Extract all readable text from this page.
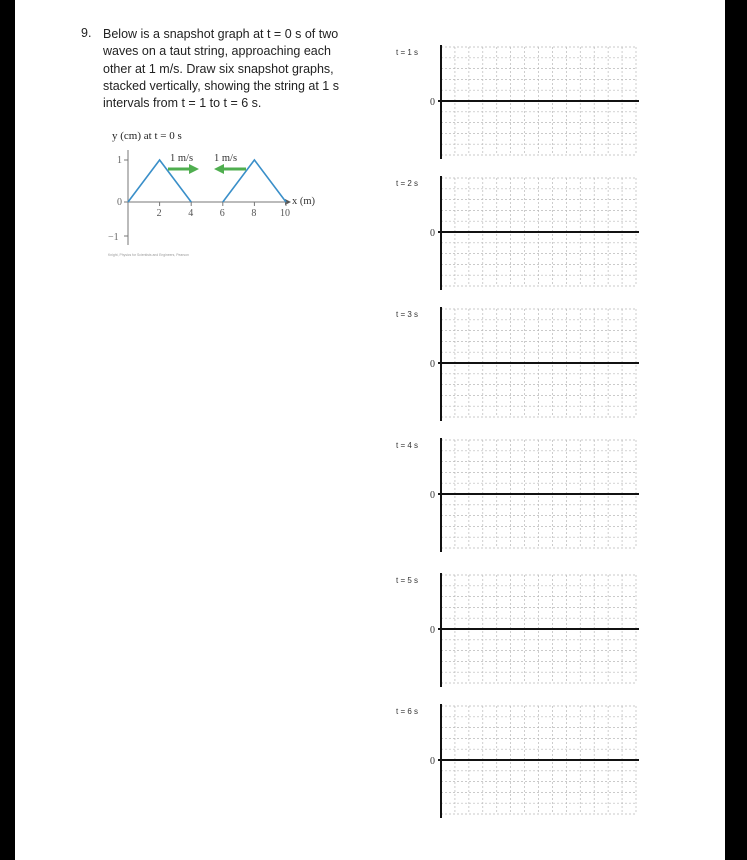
9. Below is a snapshot graph at t = 0 s of two
waves on a taut string, approaching each
other at 1 m/s. Draw six snapshot graphs,
stacked vertically, showing the string at 1 s
intervals from t = 1 to t = 6 s.
y (cm) at t = 0 s
1
0
−1
2	4	6	8 10
x (m)
1 m/s 1 m/s
Knight, Physics for Scientists and Engineers, Pearson
0
t = 1 s
0
t = 2 s
0
t = 3 s
0
t = 4 s
0
t = 5 s
0
t = 6 s
